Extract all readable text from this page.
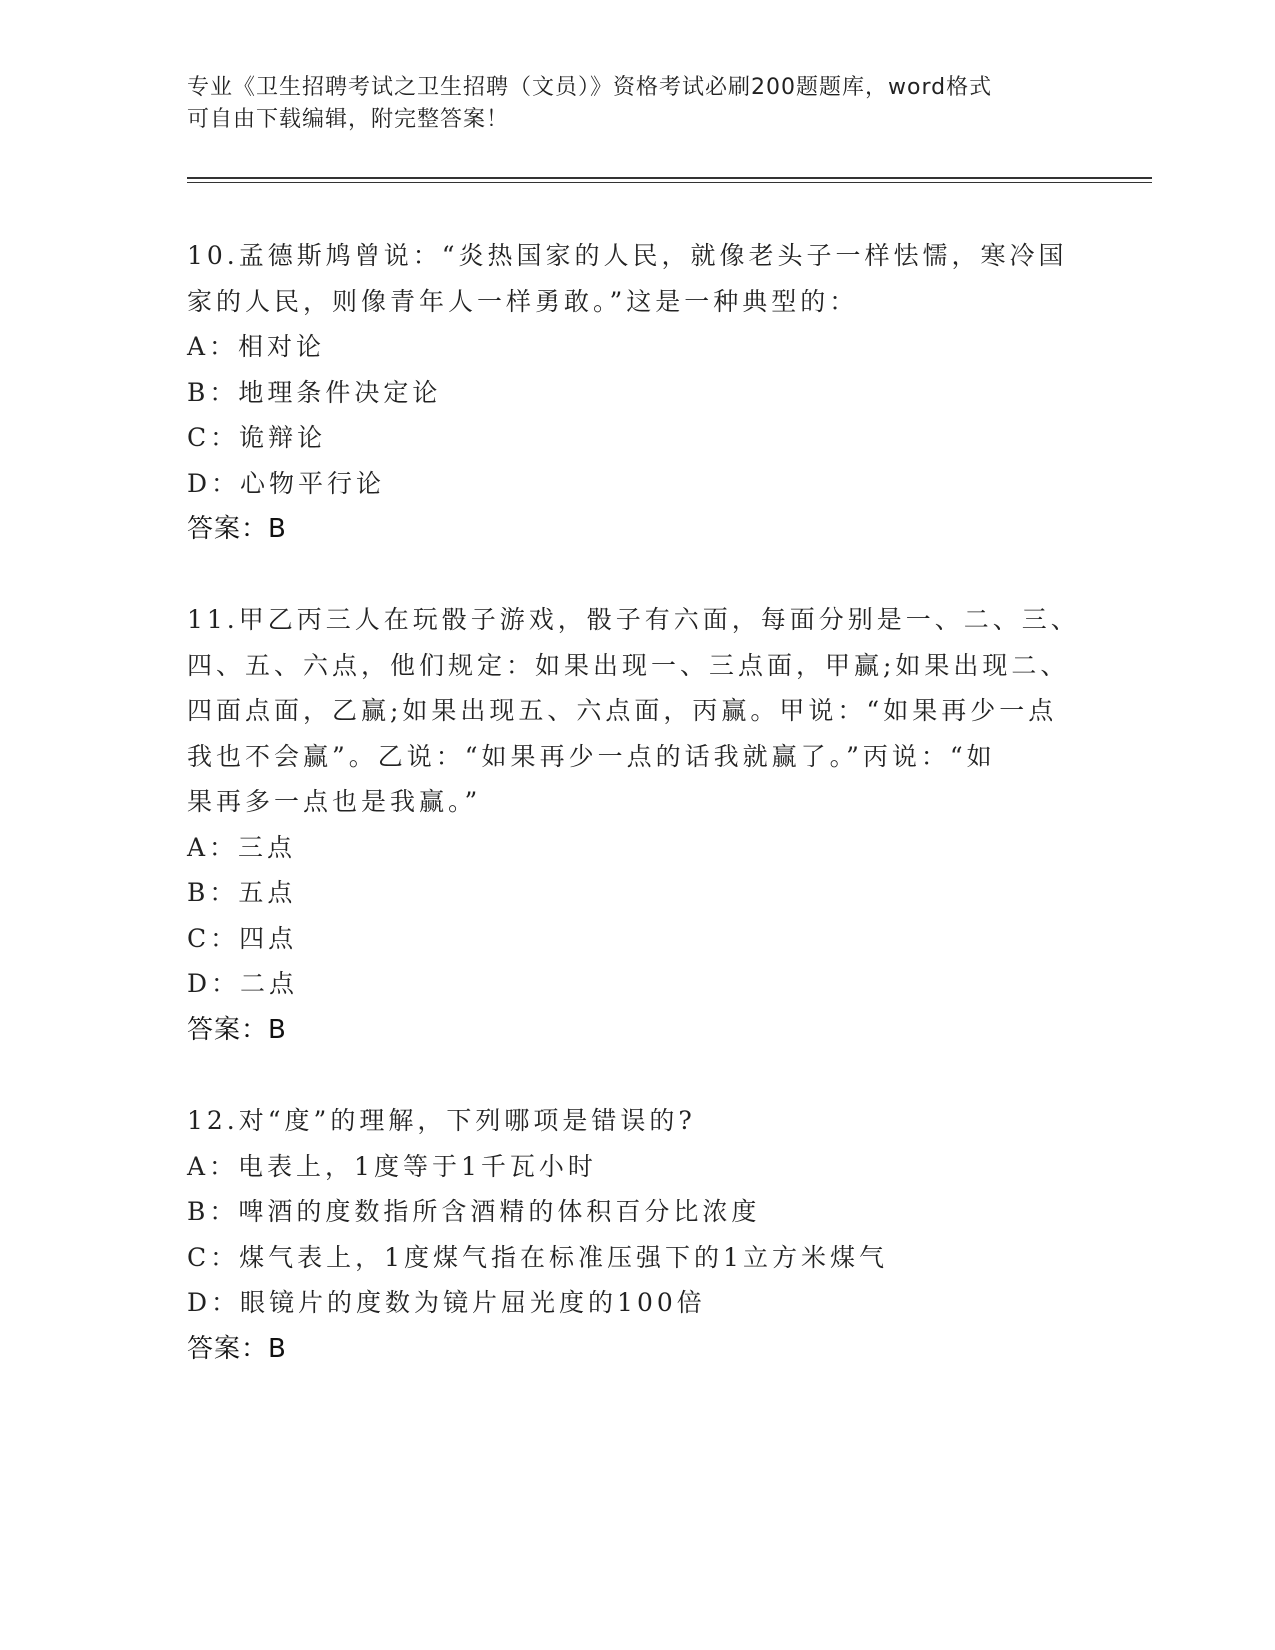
专业《卫生招聘考试之卫生招聘（文员）》资格考试必刷200题题库，word格式
可自由下载编辑，附完整答案！
10.孟德斯鸠曾说：“炎热国家的人民，就像老头子一样怯懦，寒冷国
家的人民，则像青年人一样勇敢。”这是一种典型的：
A：相对论
B：地理条件决定论
C：诡辩论
D：心物平行论
答案：B
11.甲乙丙三人在玩骰子游戏，骰子有六面，每面分别是一、二、三、
四、五、六点，他们规定：如果出现一、三点面，甲赢;如果出现二、
四面点面，乙赢;如果出现五、六点面，丙赢。甲说：“如果再少一点
我也不会赢”。乙说：“如果再少一点的话我就赢了。”丙说：“如
果再多一点也是我赢。”
A：三点
B：五点
C：四点
D：二点
答案：B
12.对“度”的理解，下列哪项是错误的?
A：电表上，1度等于1千瓦小时
B：啤酒的度数指所含酒精的体积百分比浓度
C：煤气表上，1度煤气指在标准压强下的1立方米煤气
D：眼镜片的度数为镜片屈光度的100倍
答案：B
